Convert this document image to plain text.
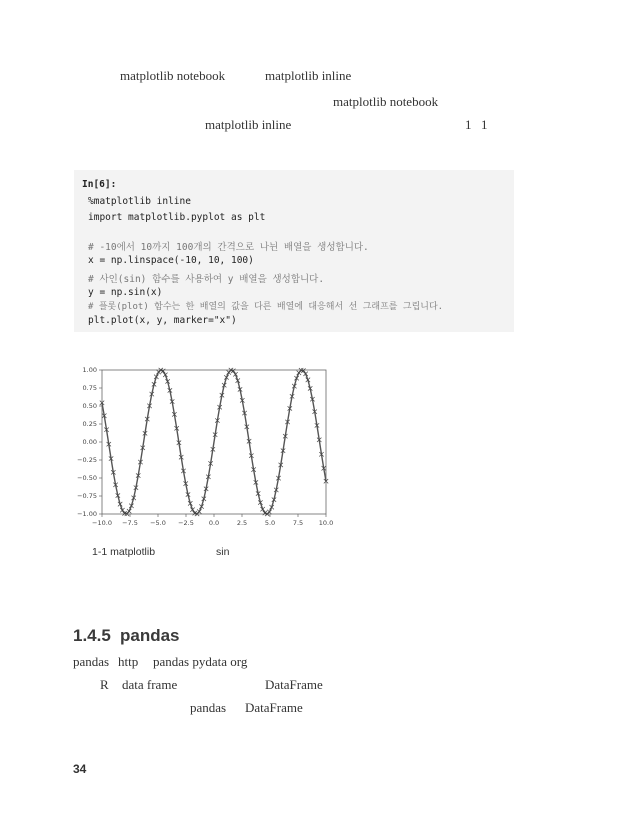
matplotlib notebook	matplotlib inline
matplotlib notebook
matplotlib inline	1 1
In[6]:
%matplotlib inline
import matplotlib.pyplot as plt
# -10에서 10까지 100개의 간격으로 나뉜 배열을 생성합니다.
x = np.linspace(-10, 10, 100)
# 사인(sin) 함수를 사용하여 y 배열을 생성합니다.
y = np.sin(x)
# 플롯(plot) 함수는 한 배열의 값을 다른 배열에 대응해서 선 그래프를 그립니다.
plt.plot(x, y, marker="x")
−10.0 −7.5 −5.0 −2.5 0.0	2.5	5.0	7.5 10.0
1.00
0.75
0.50
0.25
0.00
−0.25
−0.50
−0.75
−1.00
1-1 matplotlib	sin
1.4.5 pandas
pandas http pandas pydata org
R data frame	DataFrame
pandas DataFrame
34
